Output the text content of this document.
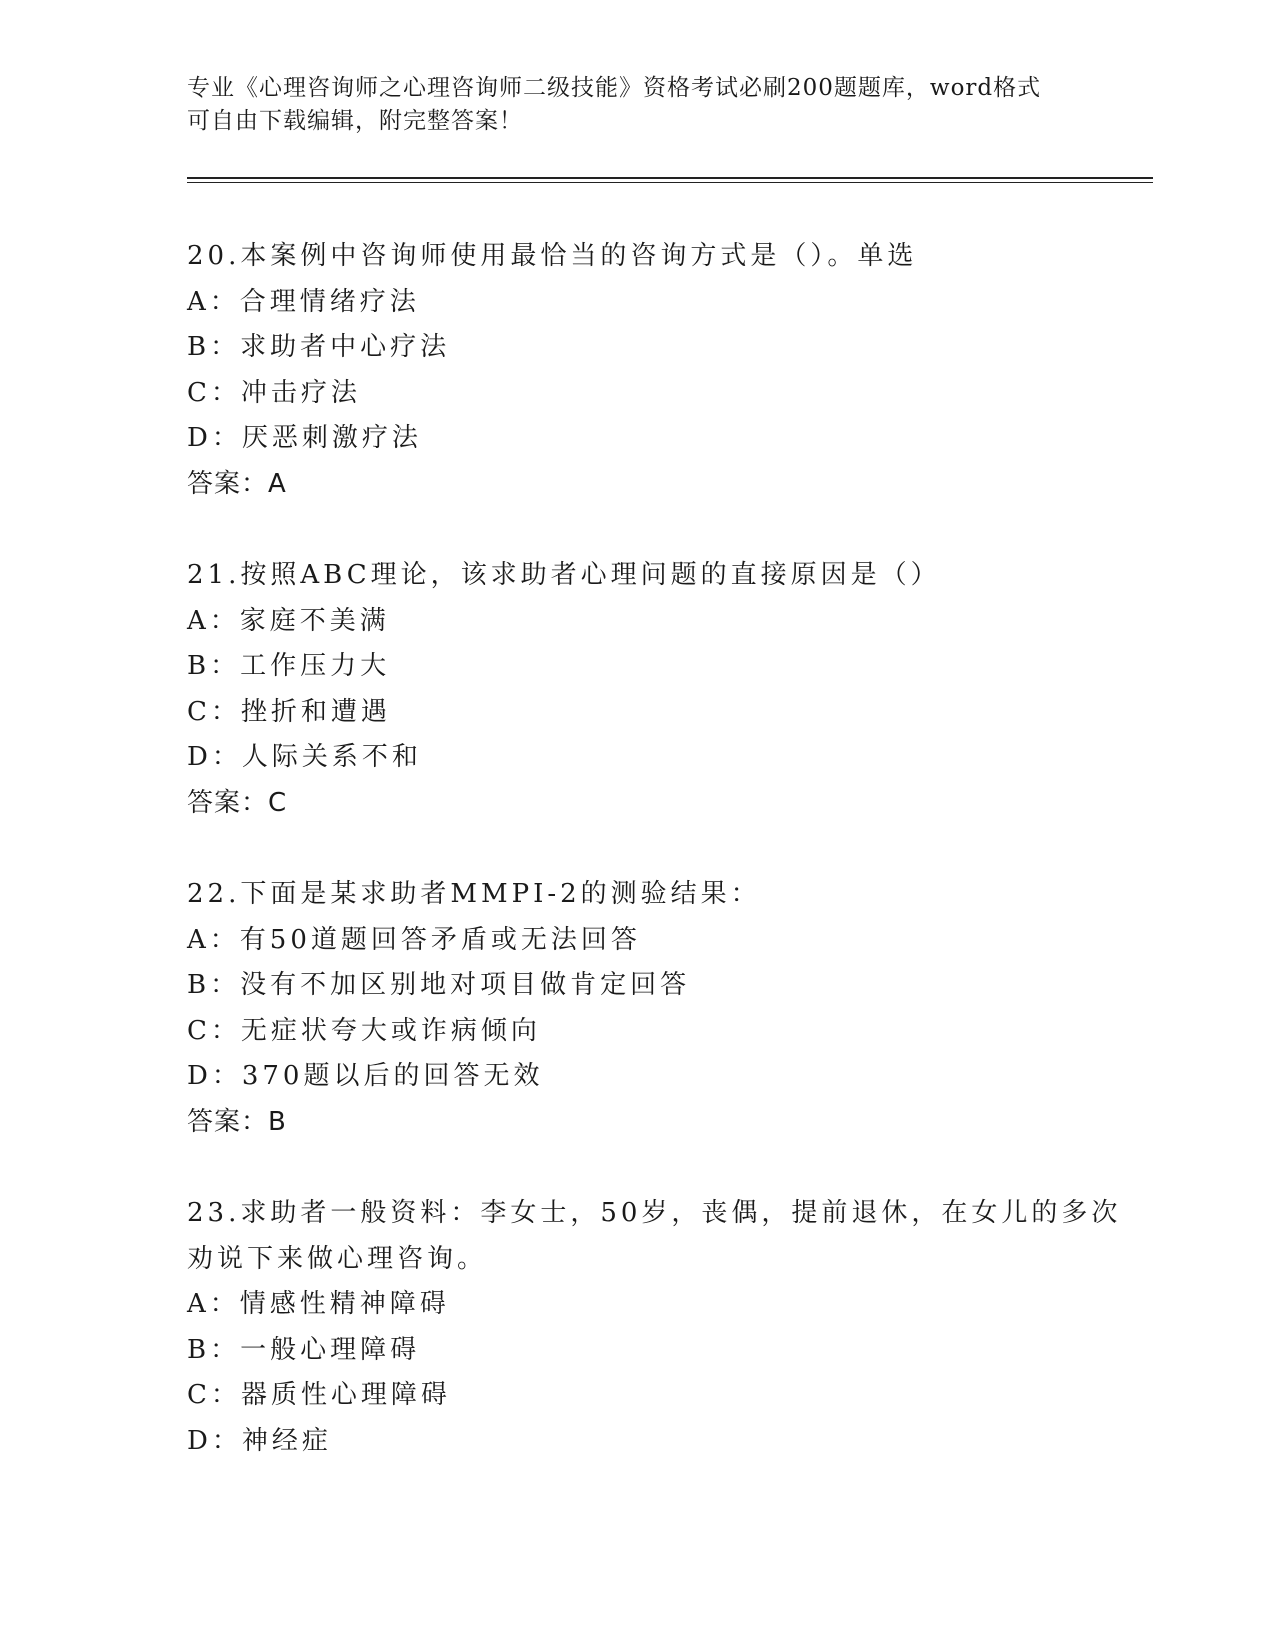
专业《心理咨询师之心理咨询师二级技能》资格考试必刷200题题库，word格式
可自由下载编辑，附完整答案！
20.本案例中咨询师使用最恰当的咨询方式是（）。单选
A：合理情绪疗法
B：求助者中心疗法
C：冲击疗法
D：厌恶刺激疗法
答案：A
21.按照ABC理论，该求助者心理问题的直接原因是（）
A：家庭不美满
B：工作压力大
C：挫折和遭遇
D：人际关系不和
答案：C
22.下面是某求助者MMPI-2的测验结果：
A：有50道题回答矛盾或无法回答
B：没有不加区别地对项目做肯定回答
C：无症状夸大或诈病倾向
D：370题以后的回答无效
答案：B
23.求助者一般资料：李女士，50岁，丧偶，提前退休，在女儿的多次
劝说下来做心理咨询。
A：情感性精神障碍
B：一般心理障碍
C：器质性心理障碍
D：神经症
